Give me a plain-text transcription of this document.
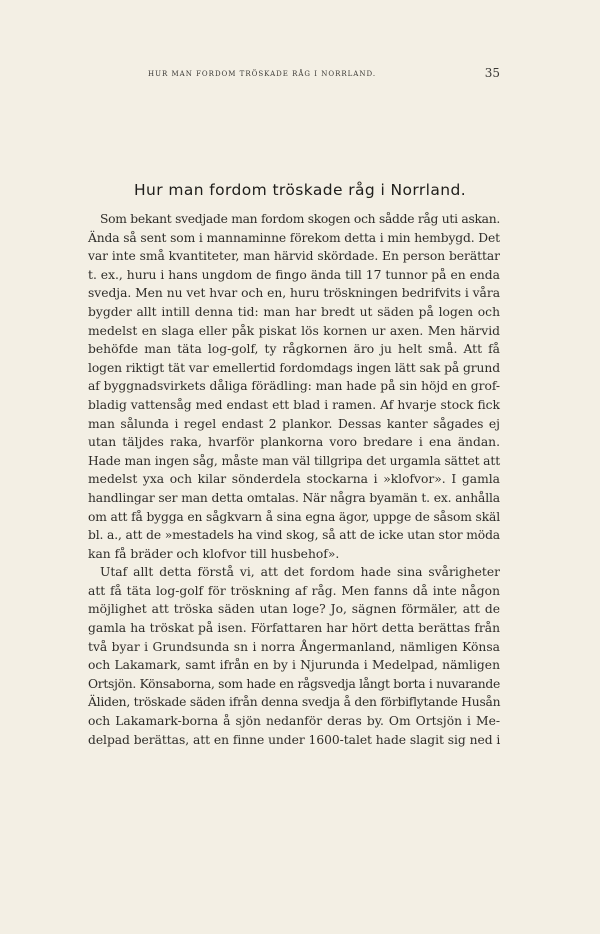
HUR MAN FORDOM TRÖSKADE RÅG I NORRLAND.	35
Hur man fordom tröskade råg i Norrland.
Som bekant svedjade man fordom skogen och sådde råg uti askan.
Ända så sent som i mannaminne förekom detta i min hembygd. Det
var inte små kvantiteter, man härvid skördade. En person berättar
t. ex., huru i hans ungdom de fingo ända till 17 tunnor på en enda
svedja. Men nu vet hvar och en, huru tröskningen bedrifvits i våra
bygder allt intill denna tid: man har bredt ut säden på logen och
medelst en slaga eller påk piskat lös kornen ur axen. Men härvid
behöfde man täta log-golf, ty rågkornen äro ju helt små. Att få
logen riktigt tät var emellertid fordomdags ingen lätt sak på grund
af byggnadsvirkets dåliga förädling: man hade på sin höjd en grof-
bladig vattensåg med endast ett blad i ramen. Af hvarje stock fick
man sålunda i regel endast 2 plankor. Dessas kanter sågades ej
utan täljdes raka, hvarför plankorna voro bredare i ena ändan.
Hade man ingen såg, måste man väl tillgripa det urgamla sättet att
medelst yxa och kilar sönderdela stockarna i »klofvor». I gamla
handlingar ser man detta omtalas. När några byamän t. ex. anhålla
om att få bygga en sågkvarn å sina egna ägor, uppge de såsom skäl
bl. a., att de »mestadels ha vind skog, så att de icke utan stor möda
kan få bräder och klofvor till husbehof».
Utaf allt detta förstå vi, att det fordom hade sina svårigheter
att få täta log-golf för tröskning af råg. Men fanns då inte någon
möjlighet att tröska säden utan loge? Jo, sägnen förmäler, att de
gamla ha tröskat på isen. Författaren har hört detta berättas från
två byar i Grundsunda sn i norra Ångermanland, nämligen Könsa
och Lakamark, samt ifrån en by i Njurunda i Medelpad, nämligen
Ortsjön. Könsaborna, som hade en rågsvedja långt borta i nuvarande
Äliden, tröskade säden ifrån denna svedja å den förbiflytande Husån
och Lakamark-borna å sjön nedanför deras by. Om Ortsjön i Me-
delpad berättas, att en finne under 1600-talet hade slagit sig ned i
